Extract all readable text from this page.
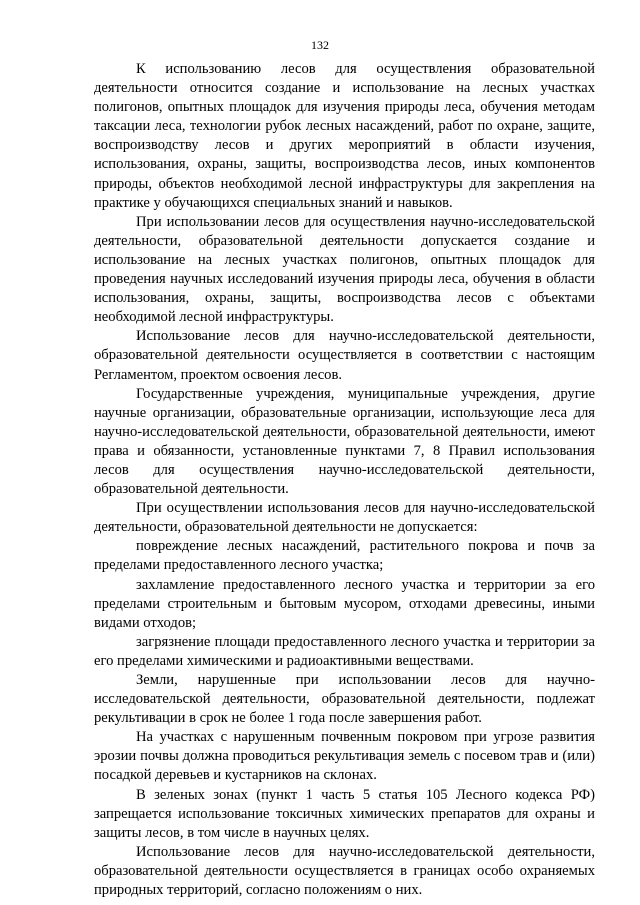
132

К использованию лесов для осуществления образовательной деятельности относится создание и использование на лесных участках полигонов, опытных площадок для изучения природы леса, обучения методам таксации леса, технологии рубок лесных насаждений, работ по охране, защите, воспроизводству лесов и других мероприятий в области изучения, использования, охраны, защиты, воспроизводства лесов, иных компонентов природы, объектов необходимой лесной инфраструктуры для закрепления на практике у обучающихся специальных знаний и навыков.

При использовании лесов для осуществления научно-исследовательской деятельности, образовательной деятельности допускается создание и использование на лесных участках полигонов, опытных площадок для проведения научных исследований изучения природы леса, обучения в области использования, охраны, защиты, воспроизводства лесов с объектами необходимой лесной инфраструктуры.

Использование лесов для научно-исследовательской деятельности, образовательной деятельности осуществляется в соответствии с настоящим Регламентом, проектом освоения лесов.

Государственные учреждения, муниципальные учреждения, другие научные организации, образовательные организации, использующие леса для научно-исследовательской деятельности, образовательной деятельности, имеют права и обязанности, установленные пунктами 7, 8 Правил использования лесов для осуществления научно-исследовательской деятельности, образовательной деятельности.

При осуществлении использования лесов для научно-исследовательской деятельности, образовательной деятельности не допускается:

повреждение лесных насаждений, растительного покрова и почв за пределами предоставленного лесного участка;

захламление предоставленного лесного участка и территории за его пределами строительным и бытовым мусором, отходами древесины, иными видами отходов;

загрязнение площади предоставленного лесного участка и территории за его пределами химическими и радиоактивными веществами.

Земли, нарушенные при использовании лесов для научно-исследовательской деятельности, образовательной деятельности, подлежат рекультивации в срок не более 1 года после завершения работ.

На участках с нарушенным почвенным покровом при угрозе развития эрозии почвы должна проводиться рекультивация земель с посевом трав и (или) посадкой деревьев и кустарников на склонах.

В зеленых зонах (пункт 1 часть 5 статья 105 Лесного кодекса РФ) запрещается использование токсичных химических препаратов для охраны и защиты лесов, в том числе в научных целях.

Использование лесов для научно-исследовательской деятельности, образовательной деятельности осуществляется в границах особо охраняемых природных территорий, согласно положениям о них.
